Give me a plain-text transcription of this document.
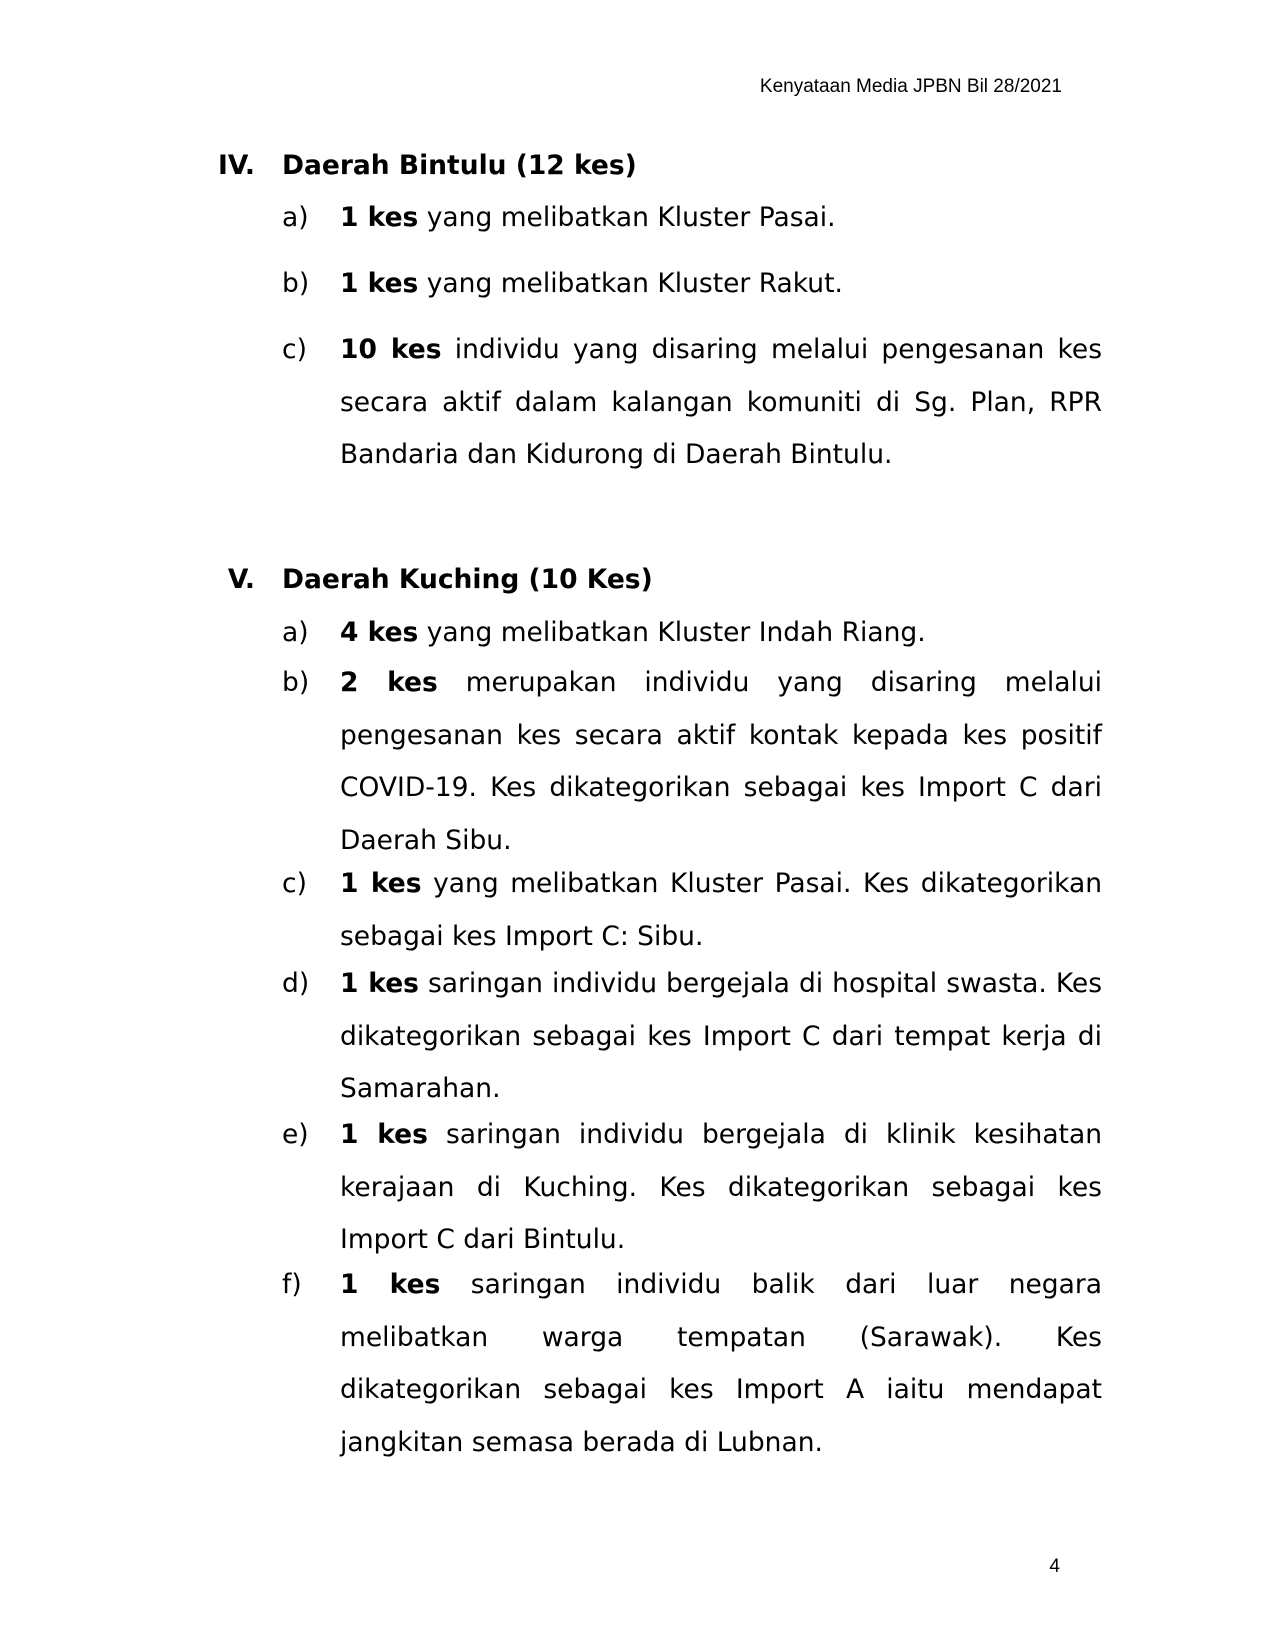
Kenyataan Media JPBN Bil 28/2021
IV. Daerah Bintulu (12 kes)
a) 1 kes yang melibatkan Kluster Pasai.
b) 1 kes yang melibatkan Kluster Rakut.
c) 10 kes individu yang disaring melalui pengesanan kes secara aktif dalam kalangan komuniti di Sg. Plan, RPR Bandaria dan Kidurong di Daerah Bintulu.
V. Daerah Kuching (10 Kes)
a) 4 kes yang melibatkan Kluster Indah Riang.
b) 2 kes merupakan individu yang disaring melalui pengesanan kes secara aktif kontak kepada kes positif COVID-19. Kes dikategorikan sebagai kes Import C dari Daerah Sibu.
c) 1 kes yang melibatkan Kluster Pasai. Kes dikategorikan sebagai kes Import C: Sibu.
d) 1 kes saringan individu bergejala di hospital swasta. Kes dikategorikan sebagai kes Import C dari tempat kerja di Samarahan.
e) 1 kes saringan individu bergejala di klinik kesihatan kerajaan di Kuching. Kes dikategorikan sebagai kes Import C dari Bintulu.
f) 1 kes saringan individu balik dari luar negara melibatkan warga tempatan (Sarawak). Kes dikategorikan sebagai kes Import A iaitu mendapat jangkitan semasa berada di Lubnan.
4
